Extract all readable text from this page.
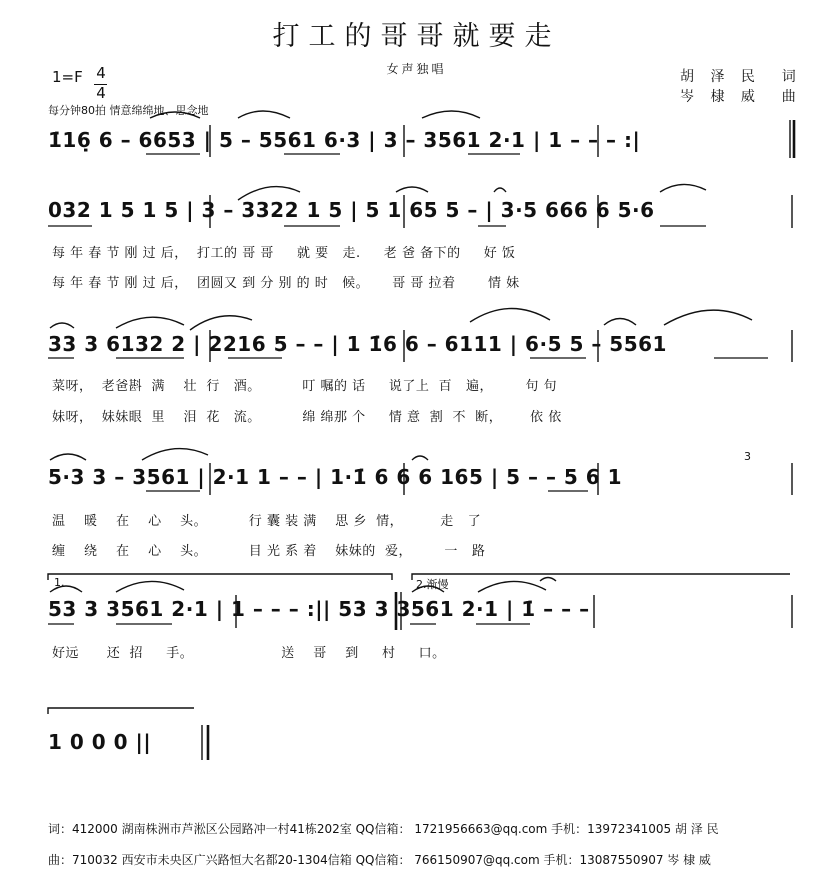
打工的哥哥就要走
女声独唱
1=F 4
4
每分钟80拍 情意绵绵地、思念地
胡 泽 民  词
岑 棣 威  曲
1̇16̣ 6 – 6653 | 5 – 5561 6·3 | 3 – 3561 2·1 | 1 – – – :|
032 1 5 1 5 | 3 – 3322 1 5 | 5 1 65 5 – | 3·5 666 6 5·6
每 年 春 节 刚 过 后，  打工的 哥 哥     就 要   走.     老 爸 备下的     好 饭
每 年 春 节 刚 过 后，  团圆又 到 分 别 的 时   候。     哥 哥 拉着       情 妹
33 3 6132 2 | 2216 5 – – | 1 1̇6 6 – 6111 | 6·5 5 – 5561
菜呀，  老爸斟  满    壮  行   酒。         叮 嘱的 话     说了上  百   遍，       句 句
妹呀，  妹妹眼  里    泪  花   流。         绵 绵那 个     情 意  割  不  断，      依 依
3
5·3 3 – 3561 | 2·1 1 – – | 1·1̇ 6 6 6 165 | 5 – – 5 6 1
温    暖    在    心    头。         行 囊 装 满    思 乡  情，        走   了
缠    绕    在    心    头。         目 光 系 着    妹妹的  爱，       一   路
1.	2.渐慢
53 3 3561 2·1 | 1 – – – :|| 53 3 3561 2·1 | 1̇ – – –
好远      还  招     手。                   送    哥    到     村     口。
1 0 0 0 ||
词：412000 湖南株洲市芦淞区公园路冲一村41栋202室 QQ信箱： 1721956663@qq.com 手机：13972341005 胡 泽 民
曲：710032 西安市未央区广兴路恒大名都20-1304信箱 QQ信箱： 766150907@qq.com 手机：13087550907 岑 棣 威
